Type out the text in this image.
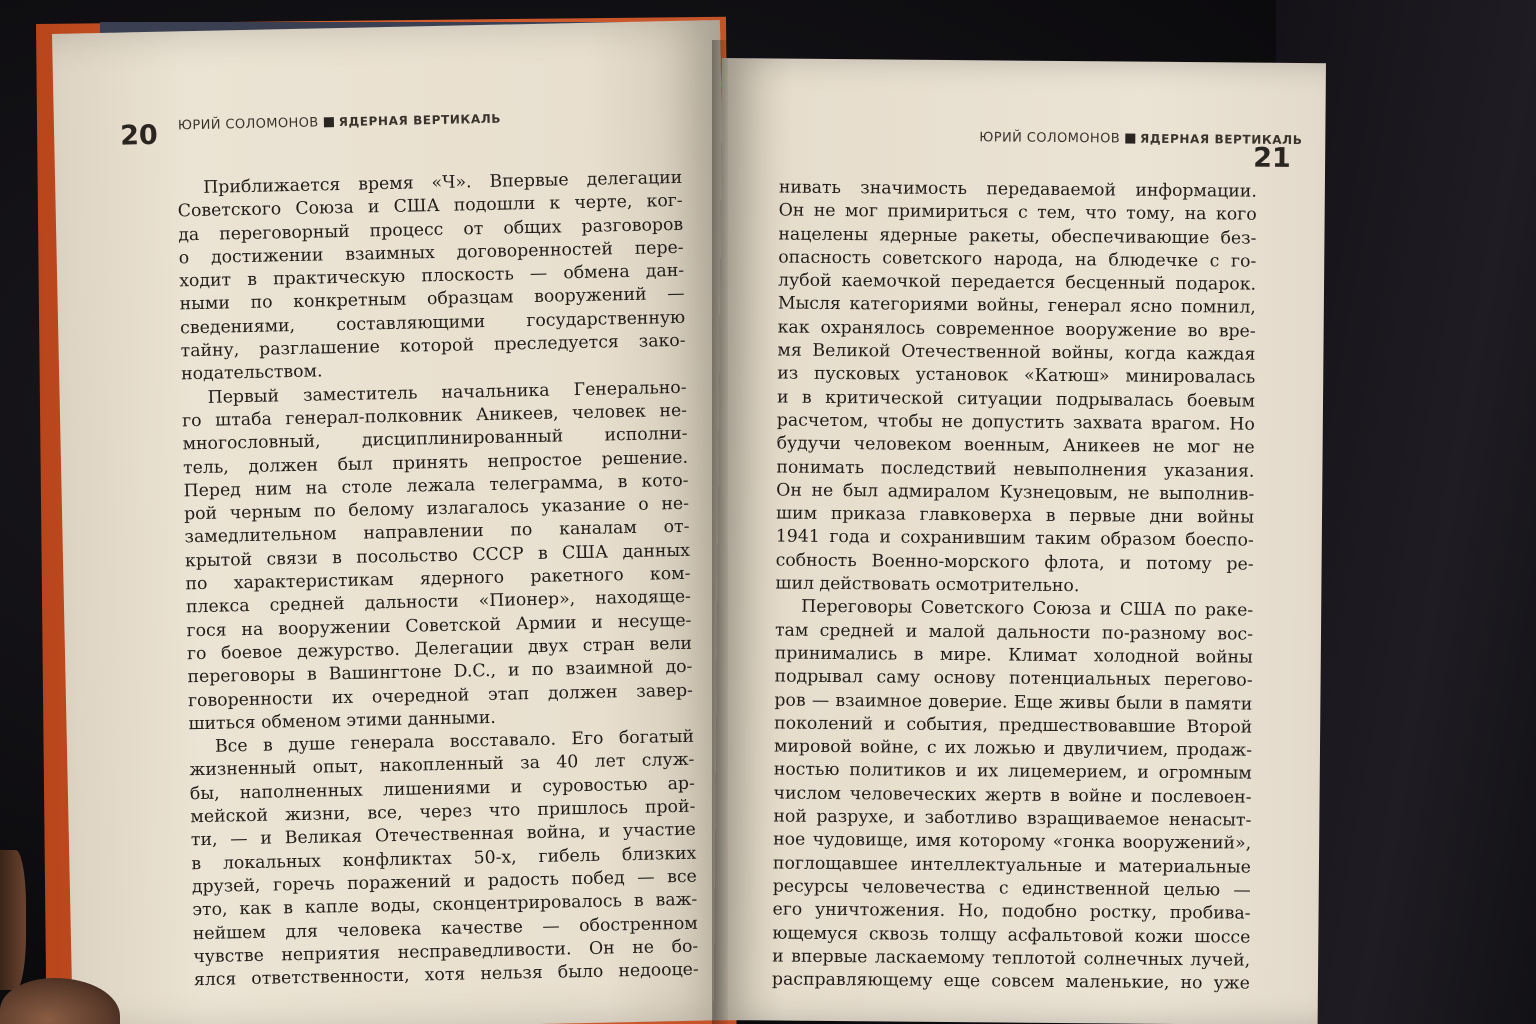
20 ЮРИЙ СОЛОМОНОВ ЯДЕРНАЯ ВЕРТИКАЛЬ
Приближается время «Ч». Впервые делегации
Советского Союза и США подошли к черте, ког-
да переговорный процесс от общих разговоров
о достижении взаимных договоренностей пере-
ходит в практическую плоскость — обмена дан-
ными по конкретным образцам вооружений —
сведениями, составляющими государственную
тайну, разглашение которой преследуется зако-
нодательством.
Первый заместитель начальника Генерально-
го штаба генерал-полковник Аникеев, человек не-
многословный, дисциплинированный исполни-
тель, должен был принять непростое решение.
Перед ним на столе лежала телеграмма, в кото-
рой черным по белому излагалось указание о не-
замедлительном направлении по каналам от-
крытой связи в посольство СССР в США данных
по характеристикам ядерного ракетного ком-
плекса средней дальности «Пионер», находяще-
гося на вооружении Советской Армии и несуще-
го боевое дежурство. Делегации двух стран вели
переговоры в Вашингтоне D.C., и по взаимной до-
говоренности их очередной этап должен завер-
шиться обменом этими данными.
Все в душе генерала восставало. Его богатый
жизненный опыт, накопленный за 40 лет служ-
бы, наполненных лишениями и суровостью ар-
мейской жизни, все, через что пришлось прой-
ти, — и Великая Отечественная война, и участие
в локальных конфликтах 50-х, гибель близких
друзей, горечь поражений и радость побед — все
это, как в капле воды, сконцентрировалось в важ-
нейшем для человека качестве — обостренном
чувстве неприятия несправедливости. Он не бо-
ялся ответственности, хотя нельзя было недооце-
ЮРИЙ СОЛОМОНОВ ЯДЕРНАЯ ВЕРТИКАЛЬ
21
нивать значимость передаваемой информации.
Он не мог примириться с тем, что тому, на кого
нацелены ядерные ракеты, обеспечивающие без-
опасность советского народа, на блюдечке с го-
лубой каемочкой передается бесценный подарок.
Мысля категориями войны, генерал ясно помнил,
как охранялось современное вооружение во вре-
мя Великой Отечественной войны, когда каждая
из пусковых установок «Катюш» минировалась
и в критической ситуации подрывалась боевым
расчетом, чтобы не допустить захвата врагом. Но
будучи человеком военным, Аникеев не мог не
понимать последствий невыполнения указания.
Он не был адмиралом Кузнецовым, не выполнив-
шим приказа главковерха в первые дни войны
1941 года и сохранившим таким образом боеспо-
собность Военно-морского флота, и потому ре-
шил действовать осмотрительно.
Переговоры Советского Союза и США по раке-
там средней и малой дальности по-разному вос-
принимались в мире. Климат холодной войны
подрывал саму основу потенциальных перегово-
ров — взаимное доверие. Еще живы были в памяти
поколений и события, предшествовавшие Второй
мировой войне, с их ложью и двуличием, продаж-
ностью политиков и их лицемерием, и огромным
числом человеческих жертв в войне и послевоен-
ной разрухе, и заботливо взращиваемое ненасыт-
ное чудовище, имя которому «гонка вооружений»,
поглощавшее интеллектуальные и материальные
ресурсы человечества с единственной целью —
его уничтожения. Но, подобно ростку, пробива-
ющемуся сквозь толщу асфальтовой кожи шоссе
и впервые ласкаемому теплотой солнечных лучей,
расправляющему еще совсем маленькие, но уже
